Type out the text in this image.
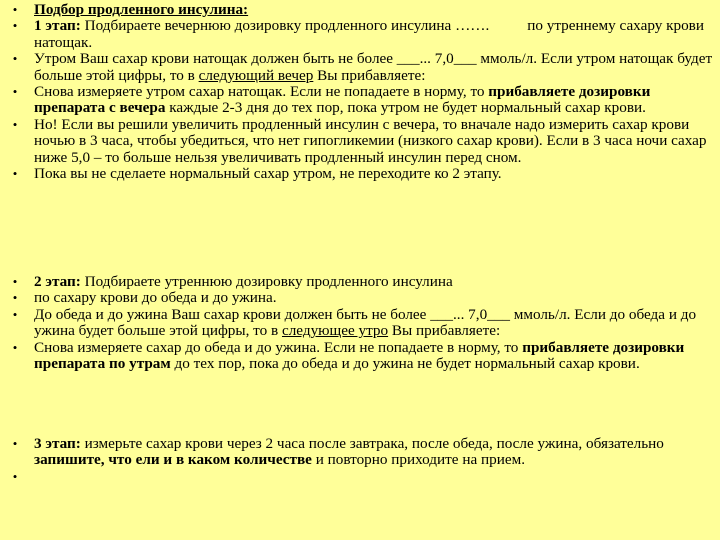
•	Подбор продленного инсулина:
•	1 этап: Подбираете вечернюю дозировку продленного инсулина …….	по утреннему сахару крови натощак.
•	Утром Ваш сахар крови натощак должен быть не более ___... 7,0___ ммоль/л. Если утром натощак будет больше этой цифры, то в следующий вечер Вы прибавляете:
•	Снова измеряете утром сахар натощак. Если не попадаете в норму, то прибавляете дозировки препарата с вечера каждые 2-3 дня до тех пор, пока утром не будет нормальный сахар крови.
•	Но! Если вы решили увеличить продленный инсулин с вечера, то вначале надо измерить сахар крови ночью в 3 часа, чтобы убедиться, что нет гипогликемии (низкого сахар крови). Если в 3 часа ночи сахар ниже 5,0 – то больше нельзя увеличивать продленный инсулин перед сном.
•	Пока вы не сделаете нормальный сахар утром, не переходите ко 2 этапу.
•	2 этап: Подбираете утреннюю дозировку продленного инсулина
•	по сахару крови до обеда и до ужина.
•	До обеда и до ужина Ваш сахар крови должен быть не более ___... 7,0___ ммоль/л. Если до обеда и до ужина будет больше этой цифры, то в следующее утро Вы прибавляете:
•	Снова измеряете сахар до обеда и до ужина. Если не попадаете в норму, то прибавляете дозировки препарата по утрам до тех пор, пока до обеда и до ужина не будет нормальный сахар крови.
•	3 этап: измерьте сахар крови через 2 часа после завтрака, после обеда, после ужина, обязательно запишите, что ели и в каком количестве и повторно приходите на прием.
•
